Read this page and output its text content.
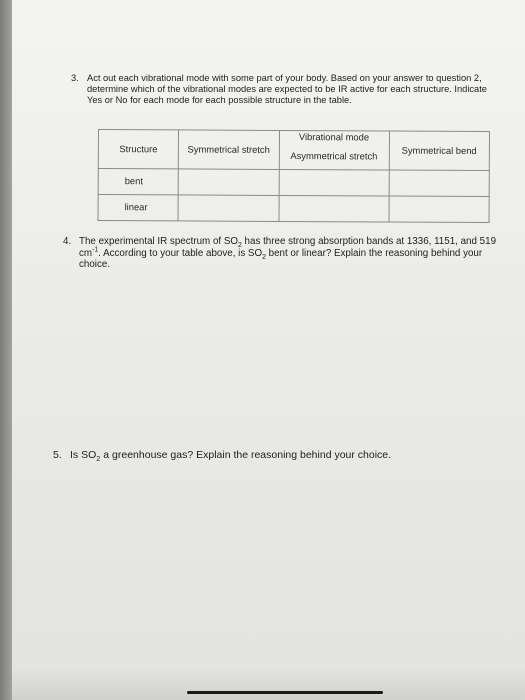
3. Act out each vibrational mode with some part of your body. Based on your answer to question 2, determine which of the vibrational modes are expected to be IR active for each structure. Indicate Yes or No for each mode for each possible structure in the table.
Structure	Symmetrical stretch	Vibrational mode	Symmetrical bend
		Asymmetrical stretch	
bent			
linear			
4. The experimental IR spectrum of $SO_2$ has three strong absorption bands at 1336, 1151, and 519 $cm^{-1}$. According to your table above, is $SO_2$ bent or linear? Explain the reasoning behind your choice.
5. Is $SO_2$ a greenhouse gas? Explain the reasoning behind your choice.
